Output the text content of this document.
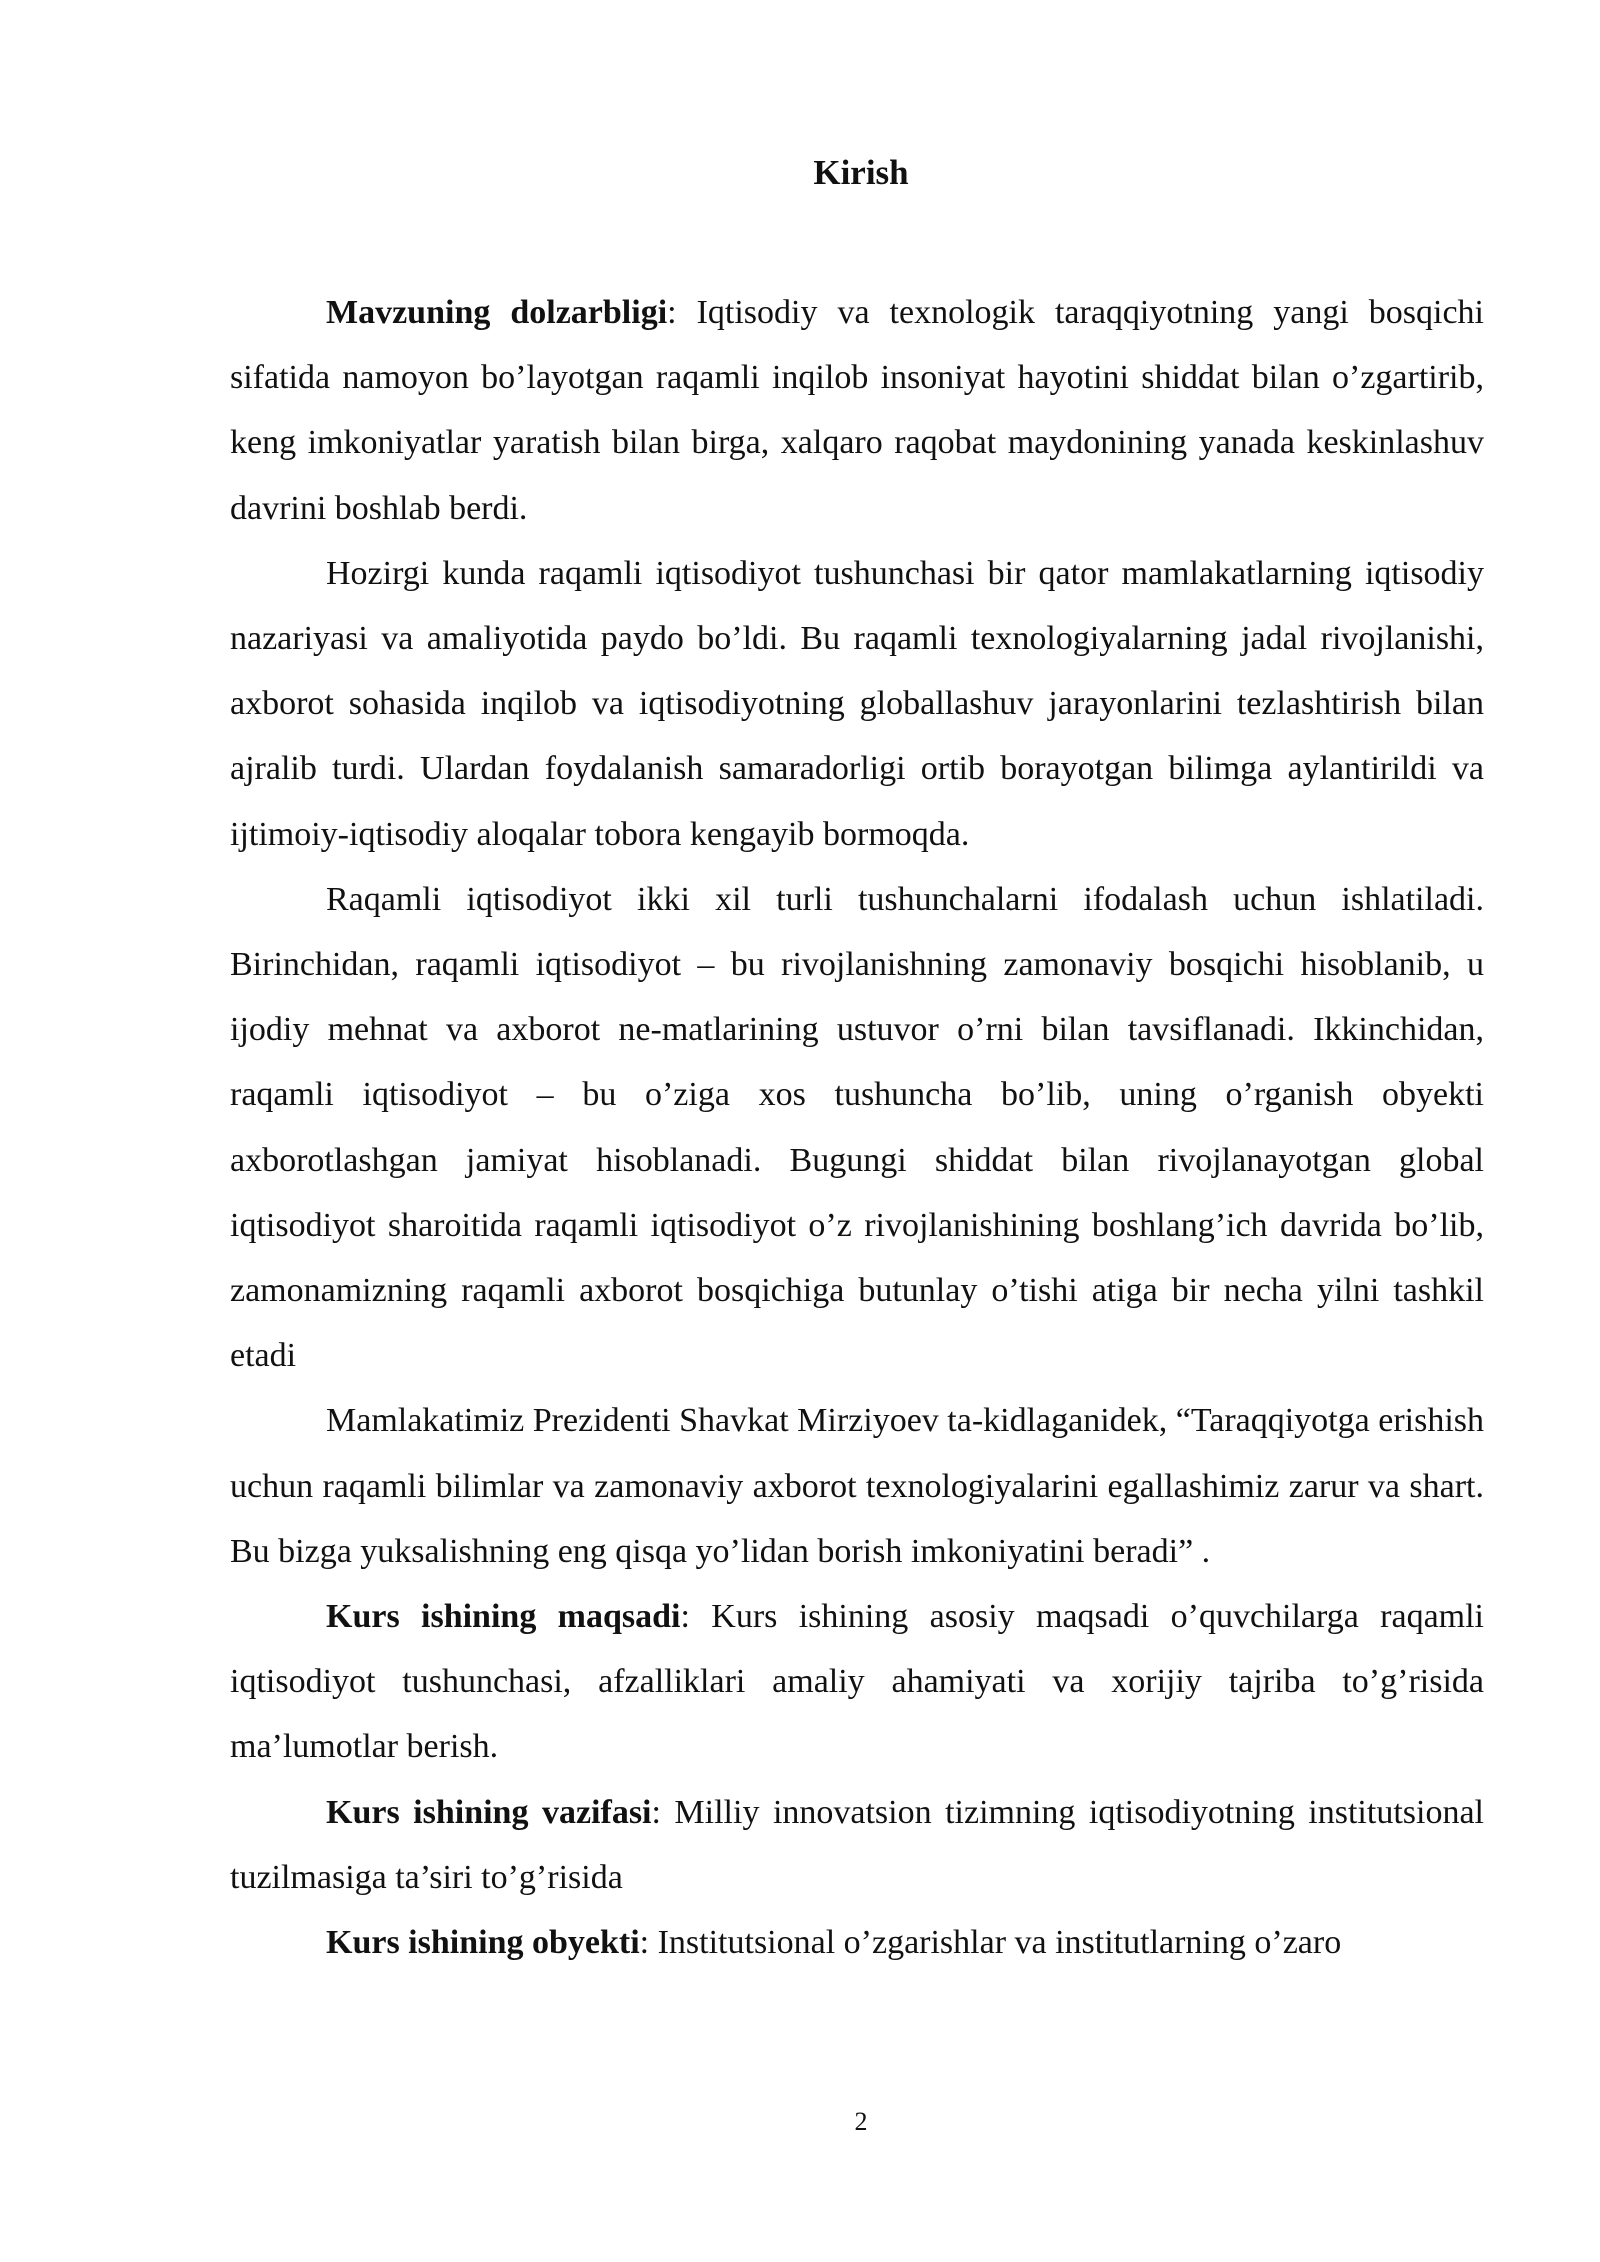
Kirish

Mavzuning dolzarbligi: Iqtisodiy va texnologik taraqqiyotning yangi bosqichi sifatida namoyon bo’layotgan raqamli inqilob insoniyat hayotini shiddat bilan o’zgartirib, keng imkoniyatlar yaratish bilan birga, xalqaro raqobat maydonining yanada keskinlashuv davrini boshlab berdi.

Hozirgi kunda raqamli iqtisodiyot tushunchasi bir qator mamlakatlarning iqtisodiy nazariyasi va amaliyotida paydo bo’ldi. Bu raqamli texnologiyalarning jadal rivojlanishi, axborot sohasida inqilob va iqtisodiyotning globallashuv jarayonlarini tezlashtirish bilan ajralib turdi. Ulardan foydalanish samaradorligi ortib borayotgan bilimga aylantirildi va ijtimoiy-iqtisodiy aloqalar tobora kengayib bormoqda.

Raqamli iqtisodiyot ikki xil turli tushunchalarni ifodalash uchun ishlatiladi. Birinchidan, raqamli iqtisodiyot – bu rivojlanishning zamonaviy bosqichi hisoblanib, u ijodiy mehnat va axborot ne-matlarining ustuvor o’rni bilan tavsiflanadi. Ikkinchidan, raqamli iqtisodiyot – bu o’ziga xos tushuncha bo’lib, uning o’rganish obyekti axborotlashgan jamiyat hisoblanadi. Bugungi shiddat bilan rivojlanayotgan global iqtisodiyot sharoitida raqamli iqtisodiyot o’z rivojlanishining boshlang’ich davrida bo’lib, zamonamizning raqamli axborot bosqichiga butunlay o’tishi atiga bir necha yilni tashkil etadi

Mamlakatimiz Prezidenti Shavkat Mirziyoev ta-kidlaganidek, “Taraqqiyotga erishish uchun raqamli bilimlar va zamonaviy axborot texnologiyalarini egallashimiz zarur va shart. Bu bizga yuksalishning eng qisqa yo’lidan borish imkoniyatini beradi” .

Kurs ishining maqsadi: Kurs ishining asosiy maqsadi o’quvchilarga raqamli iqtisodiyot tushunchasi, afzalliklari amaliy ahamiyati va xorijiy tajriba to’g’risida ma’lumotlar berish.

Kurs ishining vazifasi: Milliy innovatsion tizimning iqtisodiyotning institutsional tuzilmasiga ta’siri to’g’risida

Kurs ishining obyekti: Institutsional o’zgarishlar va institutlarning o’zaro

2
